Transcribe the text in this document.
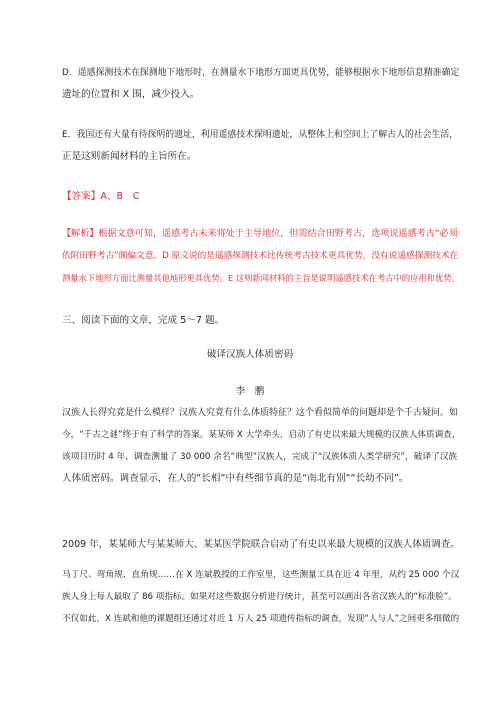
D．遥感探测技术在探测地下地形时，在测量水下地形方面更具优势，能够根据水下地形信息精准确定
遗址的位置和 X 围，减少投入。

E．我国还有大量有待探明的遗址，利用遥感技术探明遗址，从整体上和空间上了解古人的社会生活，
正是这则新闻材料的主旨所在。

【答案】A、B　C

【解析】根据文意可知，遥感考古未来将处于主导地位，但需结合田野考古，选项说遥感考古“必须
依附田野考古”颇偏文意。D 原文说的是遥感探测技术比传统考古技术更具优势，没有说遥感探测技术在
测量水下地形方面比测量其他地形更具优势。E 这则新闻材料的主旨是说明遥感技术在考古中的应用和优势。

三、阅读下面的文章，完成 5～7 题。

破译汉族人体质密码

李　鹏

汉族人长得究竟是什么模样？汉族人究竟有什么体质特征？这个看似简单的问题却是个千古疑问。如
今，“千古之谜”终于有了科学的答案。某某师 X 大学牵头，启动了有史以来最大规模的汉族人体质调查，
该项目历时 4 年，调查测量了 30 000 余名“典型”汉族人，完成了“汉族体质人类学研究”，破译了汉族
人体质密码。调查显示，在人的“长相”中有些细节真的是“南北有别”“长幼不同”。

2009 年，某某师大与某某师大、某某医学院联合启动了有史以来最大规模的汉族人体质调查。

马丁尺、弯角规、直角规……在 X 连斌教授的工作室里，这些测量工具在近 4 年里，从约 25 000 个汉
族人身上每人最取了 86 项指标。如果对这些数据分析进行统计，甚至可以画出各省汉族人的“标准脸”。
不仅如此，X 连斌和他的课题组还通过对近 1 万人 25 项遗传指标的调查，发现“人与人”之间更多细微的
